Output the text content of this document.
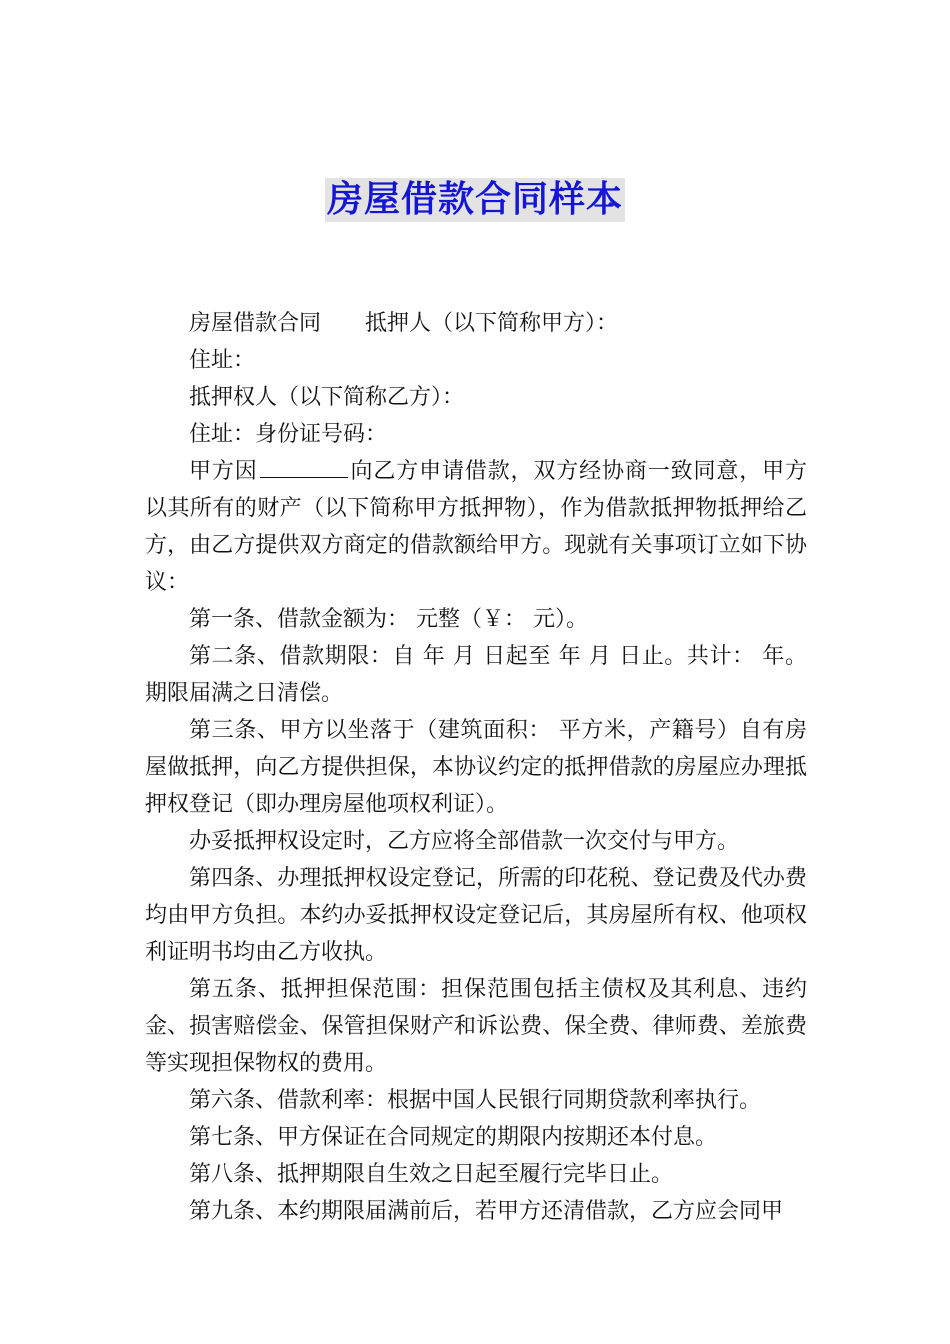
房屋借款合同样本

房屋借款合同 抵押人（以下简称甲方）：

住址：

抵押权人（以下简称乙方）：

住址：身份证号码：

甲方因	向乙方申请借款，双方经协商一致同意，甲方以其所有的财产（以下简称甲方抵押物），作为借款抵押物抵押给乙方，由乙方提供双方商定的借款额给甲方。现就有关事项订立如下协议：

第一条、借款金额为： 元整（￥： 元）。

第二条、借款期限：自 年 月 日起至 年 月 日止。共计： 年。期限届满之日清偿。

第三条、甲方以坐落于（建筑面积： 平方米，产籍号）自有房屋做抵押，向乙方提供担保，本协议约定的抵押借款的房屋应办理抵押权登记（即办理房屋他项权利证）。

办妥抵押权设定时，乙方应将全部借款一次交付与甲方。

第四条、办理抵押权设定登记，所需的印花税、登记费及代办费均由甲方负担。本约办妥抵押权设定登记后，其房屋所有权、他项权利证明书均由乙方收执。

第五条、抵押担保范围：担保范围包括主债权及其利息、违约金、损害赔偿金、保管担保财产和诉讼费、保全费、律师费、差旅费等实现担保物权的费用。

第六条、借款利率：根据中国人民银行同期贷款利率执行。

第七条、甲方保证在合同规定的期限内按期还本付息。

第八条、抵押期限自生效之日起至履行完毕日止。

第九条、本约期限届满前后，若甲方还清借款，乙方应会同甲
